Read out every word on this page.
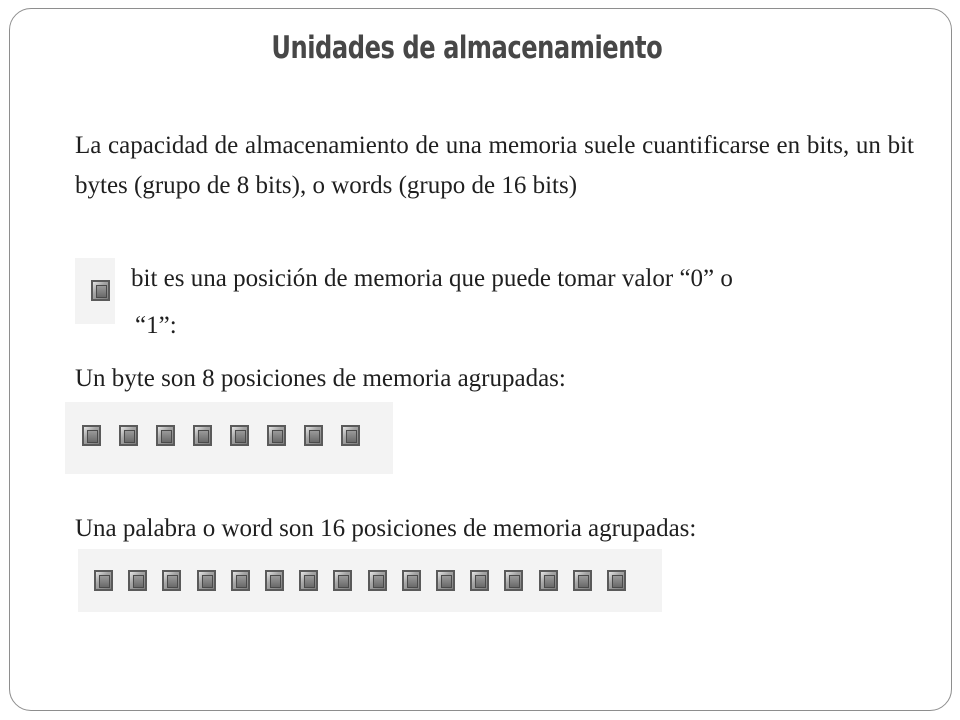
Unidades de almacenamiento
La capacidad de almacenamiento de una memoria suele cuantificarse en bits, un bit bytes (grupo de 8 bits), o words (grupo de 16 bits)
bit es una posición de memoria que puede tomar valor “0” o
“1”:
Un byte son 8 posiciones de memoria agrupadas:
Una palabra o word son 16 posiciones de memoria agrupadas:
